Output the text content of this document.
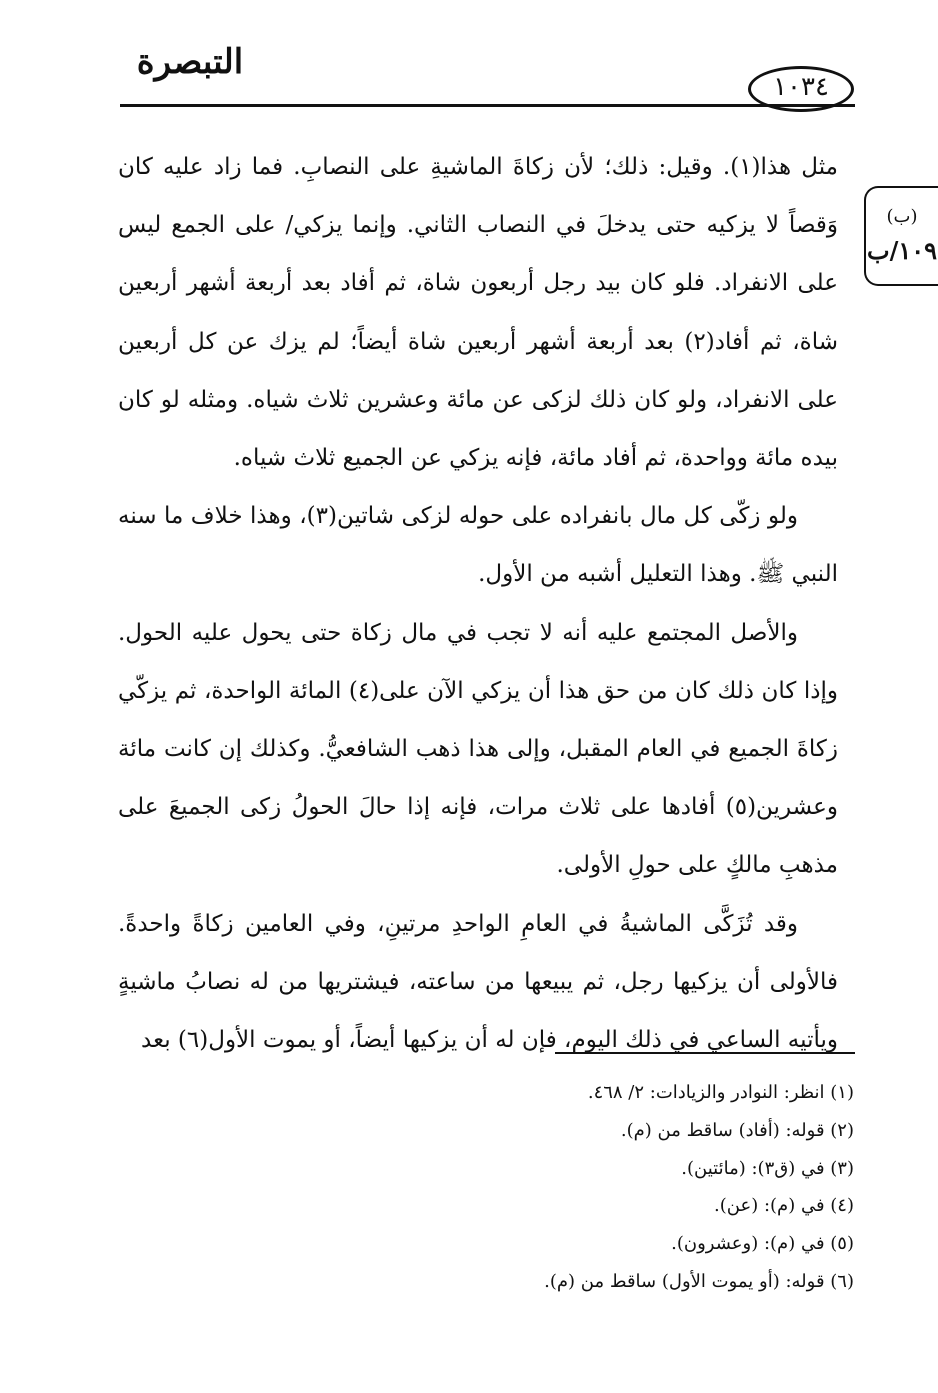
التبصرة
١٠٣٤
(ب)
١٠٩/ب

مثل هذا(١). وقيل: ذلك؛ لأن زكاةَ الماشيةِ على النصابِ. فما زاد عليه كان وَقصاً لا يزكيه حتى يدخلَ في النصاب الثاني. وإنما يزكي/ على الجمع ليس على الانفراد. فلو كان بيد رجل أربعون شاة، ثم أفاد بعد أربعة أشهر أربعين شاة، ثم أفاد(٢) بعد أربعة أشهر أربعين شاة أيضاً؛ لم يزك عن كل أربعين على الانفراد، ولو كان ذلك لزكى عن مائة وعشرين ثلاث شياه. ومثله لو كان بيده مائة وواحدة، ثم أفاد مائة، فإنه يزكي عن الجميع ثلاث شياه.

ولو زكّى كل مال بانفراده على حوله لزكى شاتين(٣)، وهذا خلاف ما سنه النبي ﷺ. وهذا التعليل أشبه من الأول.

والأصل المجتمع عليه أنه لا تجب في مال زكاة حتى يحول عليه الحول. وإذا كان ذلك كان من حق هذا أن يزكي الآن على(٤) المائة الواحدة، ثم يزكّي زكاةَ الجميع في العام المقبل، وإلى هذا ذهب الشافعيُّ. وكذلك إن كانت مائة وعشرين(٥) أفادها على ثلاث مرات، فإنه إذا حالَ الحولُ زكى الجميعَ على مذهبِ مالكٍ على حولِ الأولى.

وقد تُزَكَّى الماشيةُ في العامِ الواحدِ مرتينِ، وفي العامين زكاةً واحدةً. فالأولى أن يزكيها رجل، ثم يبيعها من ساعته، فيشتريها من له نصابُ ماشيةٍ ويأتيه الساعي في ذلك اليوم، فإن له أن يزكيها أيضاً، أو يموت الأول(٦) بعد

(١) انظر: النوادر والزيادات: ٢/ ٤٦٨.
(٢) قوله: (أفاد) ساقط من (م).
(٣) في (ق٣): (مائتين).
(٤) في (م): (عن).
(٥) في (م): (وعشرون).
(٦) قوله: (أو يموت الأول) ساقط من (م).
